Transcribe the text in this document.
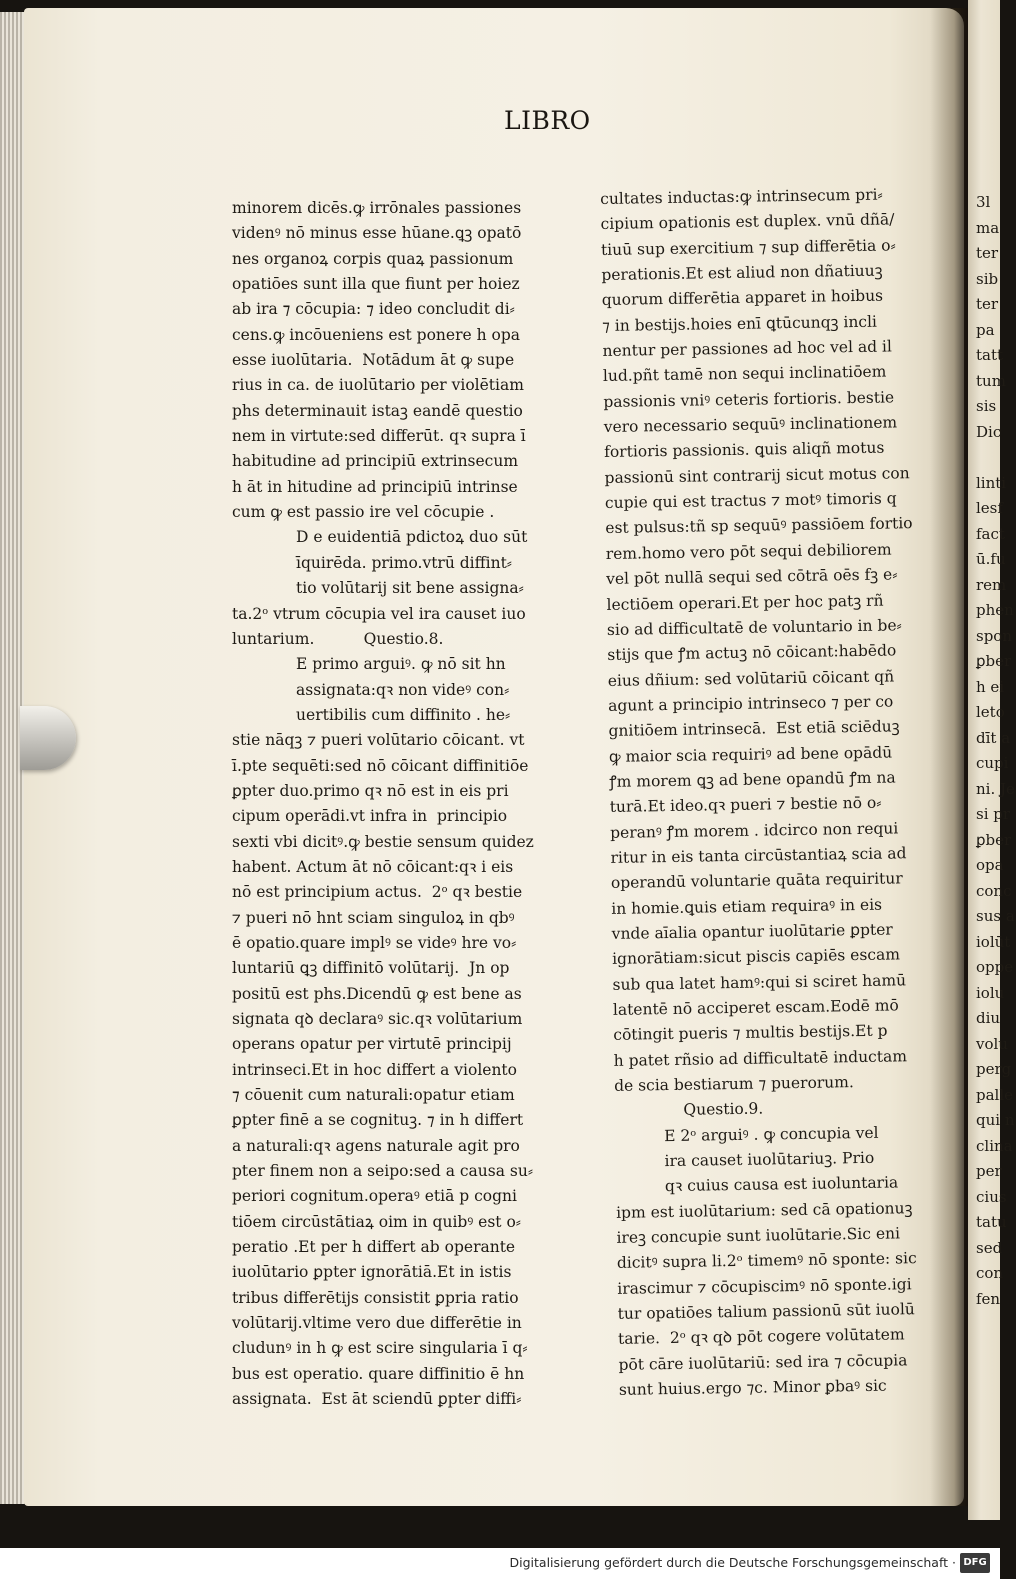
3l
ma
ter
sib
ter
pa
tatt
tum
sis
Dic

linti
lesf
fact
ū.fu
rem
phen
spon
ꝑber
h ei
leto
dīt a
cupi
ni. Je
si pr
ꝑber
opa
conc
sus a
iolūt
oppe
iolu
diu
volu
perg
palle
qui n
clina
per
cius
tatu
sed
con
fen
LIBRO
minorem dicēs.ꝙ irrōnales passiones
videnꝰ nō minus esse hūane.ꝗꝫ opatō
nes organoꝝ corpis quaꝝ passionum
opatiōes sunt illa que fiunt per hoiez
ab ira ⁊ cōcupia: ⁊ ideo concludit di⸗
cens.ꝙ incōueniens est ponere h opa
esse iuolūtaria.  Notādum āt ꝙ supe
rius in ca. de iuolūtario per violētiam
phs determinauit istaꝫ eandē questio
nem in virtute:sed differūt. qꝛ supra ī
habitudine ad principiū extrinsecum
h āt in hitudine ad principiū intrinse
cum ꝙ est passio ire vel cōcupie .
D e euidentiā pdictoꝝ duo sūt
īquirēda. primo.vtrū diffint⸗
tio volūtarij sit bene assigna⸗
ta.2ᵒ vtrum cōcupia vel ira causet iuo
luntarium.          Questio.8.
E primo arguiꝰ. ꝙ nō sit hn
assignata:qꝛ non videꝰ con⸗
uertibilis cum diffinito . he⸗
stie nāqꝫ ⁊ pueri volūtario cōicant. vt
ī.pte sequēti:sed nō cōicant diffinitiōe
ꝑpter duo.primo qꝛ nō est in eis pri
cipum operādi.vt infra in  principio
sexti vbi dicitꝰ.ꝙ bestie sensum quidez
habent. Actum āt nō cōicant:qꝛ i eis
nō est principium actus.  2ᵒ qꝛ bestie
⁊ pueri nō hnt sciam singuloꝝ in qbꝰ
ē opatio.quare implꝰ se videꝰ hre vo⸗
luntariū ꝗꝫ diffinitō volūtarij.  Jn op
positū est phs.Dicendū ꝙ est bene as
signata qꝺ declaraꝰ sic.qꝛ volūtarium
operans opatur per virtutē principij
intrinseci.Et in hoc differt a violento
⁊ cōuenit cum naturali:opatur etiam
ꝑpter finē a se cognituꝫ. ⁊ in h differt
a naturali:qꝛ agens naturale agit pro
pter finem non a seipo:sed a causa su⸗
periori cognitum.operaꝰ etiā p cogni
tiōem circūstātiaꝝ oim in quibꝰ est o⸗
peratio .Et per h differt ab operante
iuolūtario ꝑpter ignorātiā.Et in istis
tribus differētijs consistit ꝑpria ratio
volūtarij.vltime vero due differētie in
cludunꝰ in h ꝙ est scire singularia ī q⸗
bus est operatio. quare diffinitio ē hn
assignata.  Est āt sciendū ꝑpter diffi⸗
cultates inductas:ꝙ intrinsecum pri⸗
cipium opationis est duplex. vnū dñā/
tiuū sup exercitium ⁊ sup differētia o⸗
perationis.Et est aliud non dñatiuuꝫ
quorum differētia apparet in hoibus
⁊ in bestijs.hoies enī ꝗtūcunqꝫ incli
nentur per passiones ad hoc vel ad il
lud.pñt tamē non sequi inclinatiōem
passionis vniꝰ ceteris fortioris. bestie
vero necessario sequūꝰ inclinationem
fortioris passionis. ꝗuis aliqñ motus
passionū sint contrarij sicut motus con
cupie qui est tractus ⁊ motꝰ timoris q
est pulsus:tñ sp sequūꝰ passiōem fortio
rem.homo vero pōt sequi debiliorem
vel pōt nullā sequi sed cōtrā oēs fꝫ e⸗
lectiōem operari.Et per hoc patꝫ rñ
sio ad difficultatē de voluntario in be⸗
stijs que ꝭm actuꝫ nō cōicant:habēdo
eius dñium: sed volūtariū cōicant qñ
agunt a principio intrinseco ⁊ per co
gnitiōem intrinsecā.  Est etiā sciēduꝫ
ꝙ maior scia requiriꝰ ad bene opādū
ꝭm morem ꝗꝫ ad bene opandū ꝭm na
turā.Et ideo.qꝛ pueri ⁊ bestie nō o⸗
peranꝰ ꝭm morem . idcirco non requi
ritur in eis tanta circūstantiaꝝ scia ad
operandū voluntarie quāta requiritur
in homie.ꝗuis etiam requiraꝰ in eis
vnde aīalia opantur iuolūtarie ꝑpter
ignorātiam:sicut piscis capiēs escam
sub qua latet hamꝰ:qui si sciret hamū
latentē nō acciperet escam.Eodē mō
cōtingit pueris ⁊ multis bestijs.Et p
h patet rñsio ad difficultatē inductam
de scia bestiarum ⁊ puerorum.
Questio.9.
E 2ᵒ arguiꝰ . ꝙ concupia vel
ira causet iuolūtariuꝫ. Prio
qꝛ cuius causa est iuoluntaria
ipm est iuolūtarium: sed cā opationuꝫ
ireꝫ concupie sunt iuolūtarie.Sic eni
dicitꝰ supra li.2ᵒ timemꝰ nō sponte: sic
irascimur ⁊ cōcupiscimꝰ nō sponte.igi
tur opatiōes talium passionū sūt iuolū
tarie.  2ᵒ qꝛ qꝺ pōt cogere volūtatem
pōt cāre iuolūtariū: sed ira ⁊ cōcupia
sunt huius.ergo ⁊c. Minor ꝑbaꝰ sic
Digitalisierung gefördert durch die Deutsche Forschungsgemeinschaft · DFG
